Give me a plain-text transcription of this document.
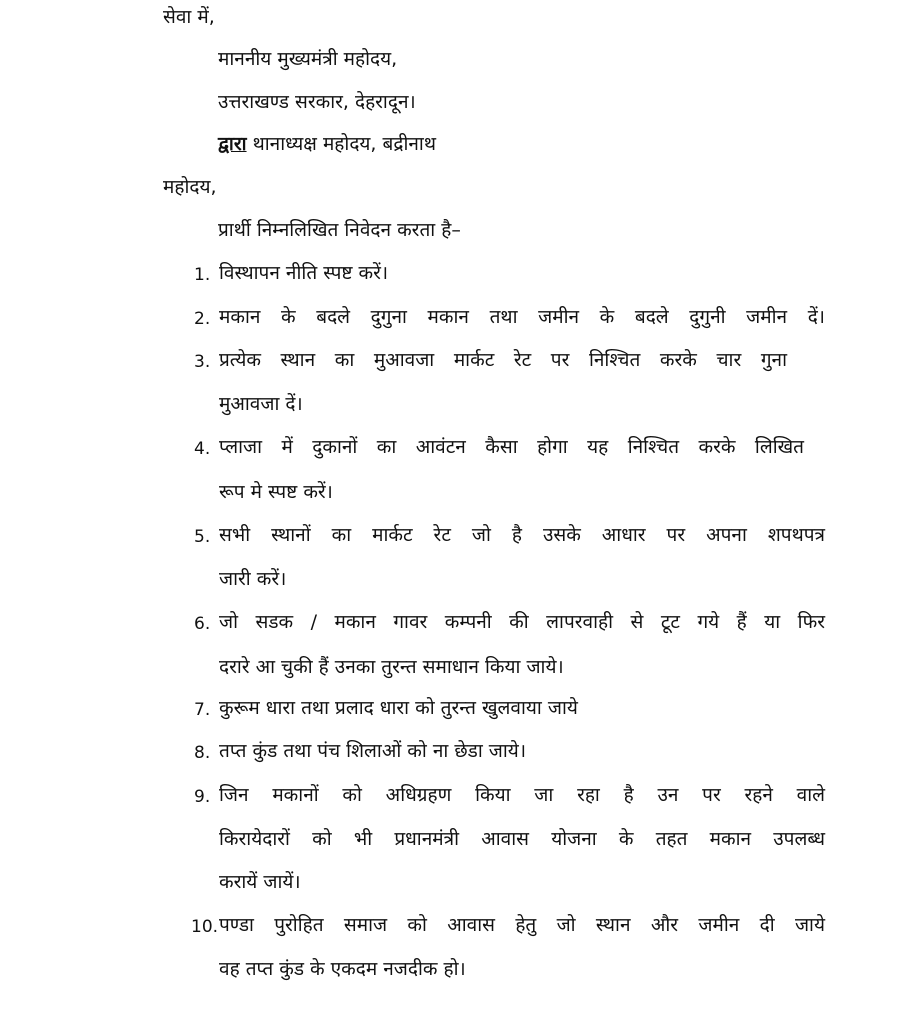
सेवा में,
माननीय मुख्यमंत्री महोदय,
उत्तराखण्ड सरकार, देहरादून।
द्वारा थानाध्यक्ष महोदय, बद्रीनाथ
महोदय,
प्रार्थी निम्नलिखित निवेदन करता है–
1. विस्थापन नीति स्पष्ट करें।
2. मकान के बदले दुगुना मकान तथा जमीन के बदले दुगुनी जमीन दें।
3. प्रत्येक स्थान का मुआवजा मार्कट रेट पर निश्चित करके चार गुना
मुआवजा दें।
4. प्लाजा में दुकानों का आवंटन कैसा होगा यह निश्चित करके लिखित
रूप मे स्पष्ट करें।
5. सभी स्थानों का मार्कट रेट जो है उसके आधार पर अपना शपथपत्र
जारी करें।
6. जो सडक / मकान गावर कम्पनी की लापरवाही से टूट गये हैं या फिर
दरारे आ चुकी हैं उनका तुरन्त समाधान किया जाये।
7. कुरूम धारा तथा प्रलाद धारा को तुरन्त खुलवाया जाये
8. तप्त कुंड तथा पंच शिलाओं को ना छेडा जाये।
9. जिन मकानों को अधिग्रहण किया जा रहा है उन पर रहने वाले
किरायेदारों को भी प्रधानमंत्री आवास योजना के तहत मकान उपलब्ध
करायें जायें।
10. पण्डा पुरोहित समाज को आवास हेतु जो स्थान और जमीन दी जाये
वह तप्त कुंड के एकदम नजदीक हो।
